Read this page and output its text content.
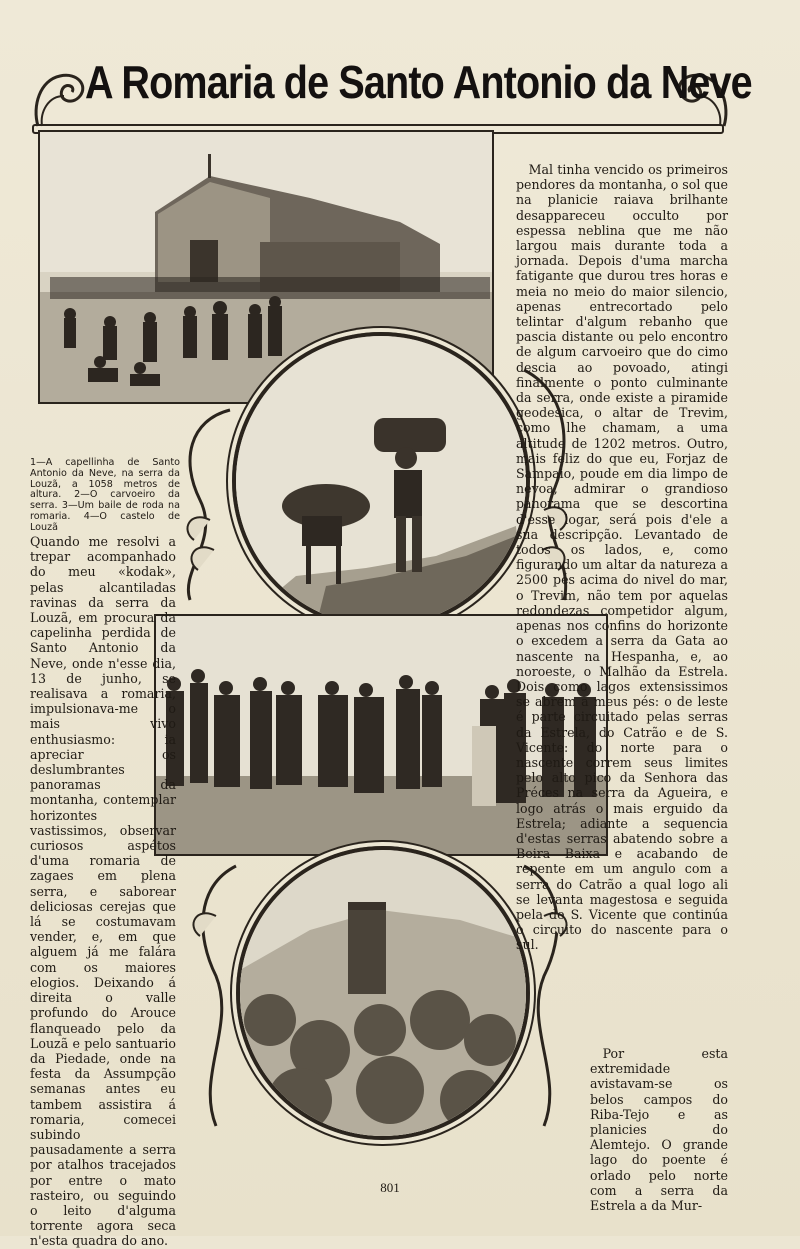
A Romaria de Santo Antonio da Neve
1—A capellinha de Santo Antonio da Neve, na serra da Louzã, a 1058 metros de altura. 2—O carvoeiro da serra. 3—Um baile de roda na romaria. 4—O castelo de Louzã

Quando me resolvi a trepar acompanhado do meu «kodak», pelas alcantiladas ravinas da serra da Louzã, em procura da capelinha perdida de Santo Antonio da Neve, onde n'esse dia, 13 de junho, se realisava a romaria, impulsionava-me o mais vivo enthusiasmo: ia apreciar os deslumbrantes panoramas da montanha, contemplar horizontes vastissimos, observar curiosos aspétos d'uma romaria de zagaes em plena serra, e saborear deliciosas cerejas que lá se costumavam vender, e, em que alguem já me falára com os maiores elogios. Deixando á direita o valle profundo do Arouce flanqueado pelo da Louzã e pelo santuario da Piedade, onde na festa da Assumpção semanas antes eu tambem assistira á romaria, comecei subindo pausadamente a serra por atalhos tracejados por entre o mato rasteiro, ou seguindo o leito d'alguma torrente agora seca n'esta quadra do ano.

Mal tinha vencido os primeiros pendores da montanha, o sol que na planicie raiava brilhante desappareceu occulto por espessa neblina que me não largou mais durante toda a jornada. Depois d'uma marcha fatigante que durou tres horas e meia no meio do maior silencio, apenas entrecortado pelo telintar d'algum rebanho que pascia distante ou pelo encontro de algum carvoeiro que do cimo descia ao povoado, atingi finalmente o ponto culminante da serra, onde existe a piramide geodesica, o altar de Trevim, como lhe chamam, a uma altitude de 1202 metros. Outro, mais feliz do que eu, Forjaz de Sampaio, poude em dia limpo de nevoa, admirar o grandioso panorama que se descortina d'esse logar, será pois d'ele a sua descripção. Levantado de todos os lados, e, como figurando um altar da natureza a 2500 pés acima do nivel do mar, o Trevim, não tem por aquelas redondezas competidor algum, apenas nos confins do horizonte o excedem a serra da Gata ao nascente na Hespanha, e, ao noroeste, o Malhão da Estrela. Dois como lagos extensissimos se abrem a meus pés: o de leste é parte circuitado pelas serras da Estrela, do Catrão e de S. Vicente: do norte para o nascente correm seus limites pelo alto pico da Senhora das Préces na serra da Agueira, e logo atrás o mais erguido da Estrela; adiante a sequencia d'estas serras abatendo sobre a Beira Baixa e acabando de repente em um angulo com a serra do Catrão a qual logo ali se levanta magestosa e seguida pela de S. Vicente que continúa o circuito do nascente para o sul.

Por esta extremidade avistavam-se os belos campos do Riba-Tejo e as planicies do Alemtejo. O grande lago do poente é orlado pelo norte com a serra da Estrela a da Mur-

801
